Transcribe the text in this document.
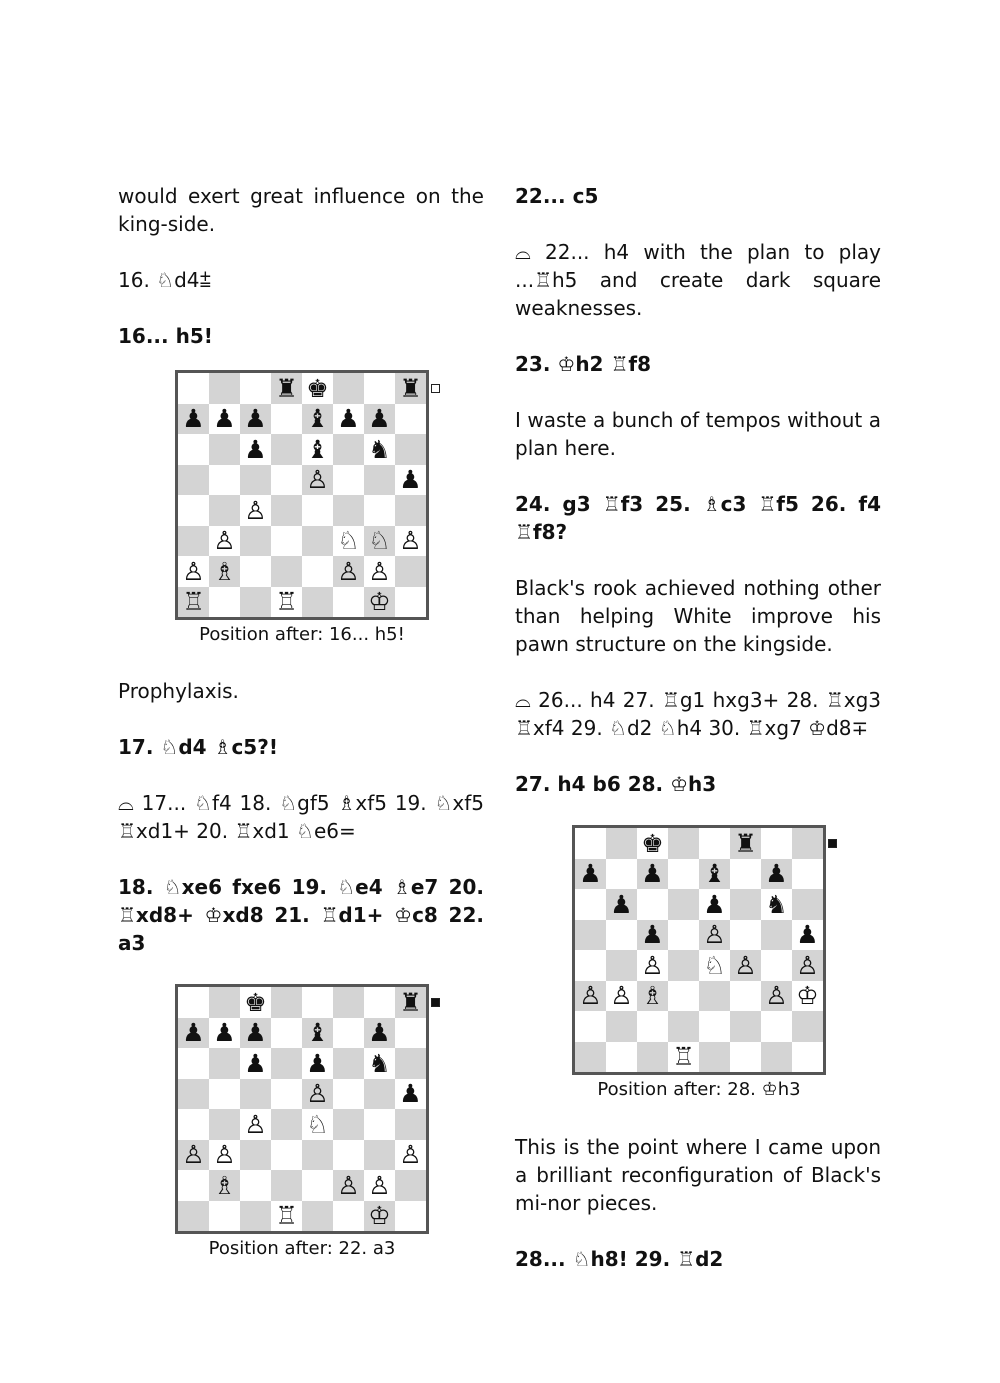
would exert great influence on the king-side.

16. ♘d4⩲

16... h5!

♜ ♚	♜
♟ ♟ ♟ ♝ ♟ ♟
♟ ♝ ♞
♙	♟
♙
♙	♘ ♘ ♙
♙ ♗	♙ ♙
♖	♖	♔
Position after: 16... h5!

Prophylaxis.

17. ♘d4 ♗c5?!

⌓ 17... ♘f4 18. ♘gf5 ♗xf5 19. ♘xf5 ♖xd1+ 20. ♖xd1 ♘e6=

18. ♘xe6 fxe6 19. ♘e4 ♗e7 20. ♖xd8+ ♔xd8 21. ♖d1+ ♔c8 22. a3

♚	♜
♟ ♟ ♟ ♝ ♟
♟ ♟ ♞
♙	♟
♙ ♘
♙ ♙	♙
♗	♙ ♙
♖	♔
Position after: 22. a3

22... c5

⌓ 22... h4 with the plan to play ...♖h5 and create dark square weaknesses.

23. ♔h2 ♖f8

I waste a bunch of tempos without a plan here.

24. g3 ♖f3 25. ♗c3 ♖f5 26. f4 ♖f8?

Black's rook achieved nothing other than helping White improve his pawn structure on the kingside.

⌓ 26... h4 27. ♖g1 hxg3+ 28. ♖xg3 ♖xf4 29. ♘d2 ♘h4 30. ♖xg7 ♔d8∓

27. h4 b6 28. ♔h3

♚	♜
♟ ♟ ♝ ♟
♟	♟ ♞
♟ ♙	♟
♙ ♘ ♙ ♙
♙ ♙ ♗	♙ ♔
♖
Position after: 28. ♔h3

This is the point where I came upon a brilliant reconfiguration of Black's mi-nor pieces.

28... ♘h8! 29. ♖d2
